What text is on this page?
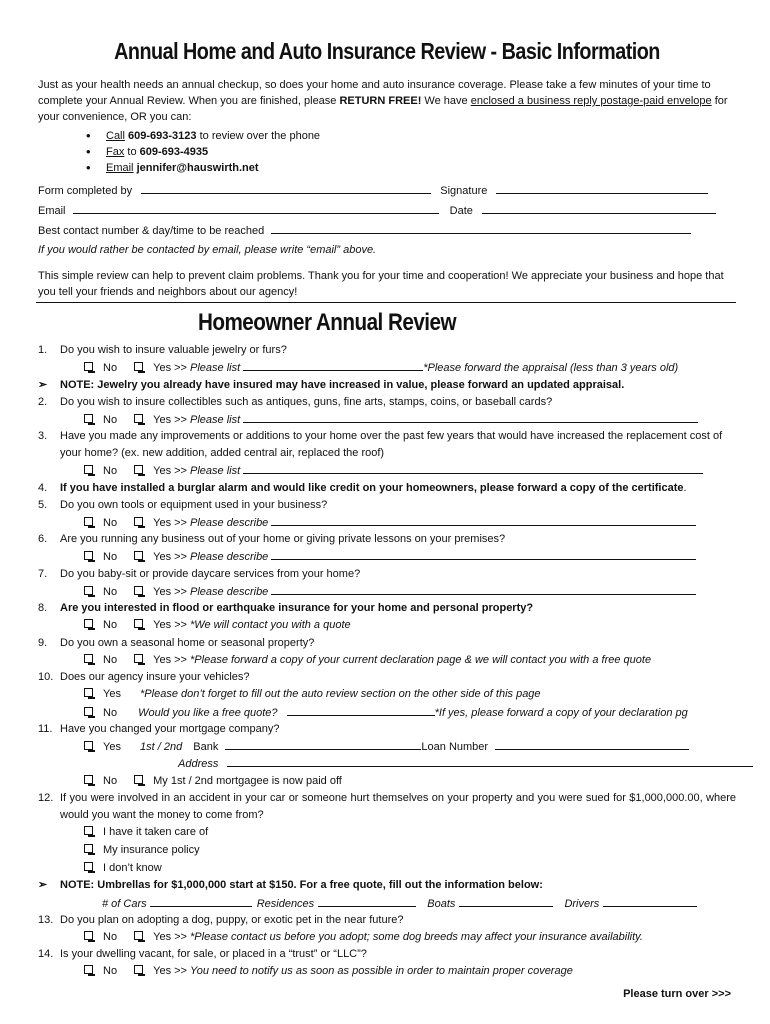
Annual Home and Auto Insurance Review - Basic Information
Just as your health needs an annual checkup, so does your home and auto insurance coverage. Please take a few minutes of your time to complete your Annual Review. When you are finished, please RETURN FREE! We have enclosed a business reply postage-paid envelope for your convenience, OR you can:
• Call 609-693-3123 to review over the phone
• Fax to 609-693-4935
• Email jennifer@hauswirth.net
Form completed by	Signature
Email	Date
Best contact number & day/time to be reached
If you would rather be contacted by email, please write “email” above.
This simple review can help to prevent claim problems. Thank you for your time and cooperation! We appreciate your business and hope that you tell your friends and neighbors about our agency!
Homeowner Annual Review
1. Do you wish to insure valuable jewelry or furs?
No	Yes >> Please list	*Please forward the appraisal (less than 3 years old)
➢ NOTE: Jewelry you already have insured may have increased in value, please forward an updated appraisal.
2. Do you wish to insure collectibles such as antiques, guns, fine arts, stamps, coins, or baseball cards?
No	Yes >> Please list
3. Have you made any improvements or additions to your home over the past few years that would have increased the replacement cost of your home? (ex. new addition, added central air, replaced the roof)
No	Yes >> Please list
4. If you have installed a burglar alarm and would like credit on your homeowners, please forward a copy of the certificate.
5. Do you own tools or equipment used in your business?
No	Yes >> Please describe
6. Are you running any business out of your home or giving private lessons on your premises?
No	Yes >> Please describe
7. Do you baby-sit or provide daycare services from your home?
No	Yes >> Please describe
8. Are you interested in flood or earthquake insurance for your home and personal property?
No	Yes >> *We will contact you with a quote
9. Do you own a seasonal home or seasonal property?
No	Yes >> *Please forward a copy of your current declaration page & we will contact you with a free quote
10. Does our agency insure your vehicles?
Yes *Please don’t forget to fill out the auto review section on the other side of this page
No Would you like a free quote?	*If yes, please forward a copy of your declaration pg
11. Have you changed your mortgage company?
Yes 1st / 2nd Bank	Loan Number
Address
No	My 1st / 2nd mortgagee is now paid off
12. If you were involved in an accident in your car or someone hurt themselves on your property and you were sued for $1,000,000.00, where would you want the money to come from?
I have it taken care of
My insurance policy
I don’t know
➢ NOTE: Umbrellas for $1,000,000 start at $150. For a free quote, fill out the information below:
# of Cars	Residences	Boats	Drivers
13. Do you plan on adopting a dog, puppy, or exotic pet in the near future?
No	Yes >> *Please contact us before you adopt; some dog breeds may affect your insurance availability.
14. Is your dwelling vacant, for sale, or placed in a “trust” or “LLC”?
No	Yes >> You need to notify us as soon as possible in order to maintain proper coverage
Please turn over >>>
